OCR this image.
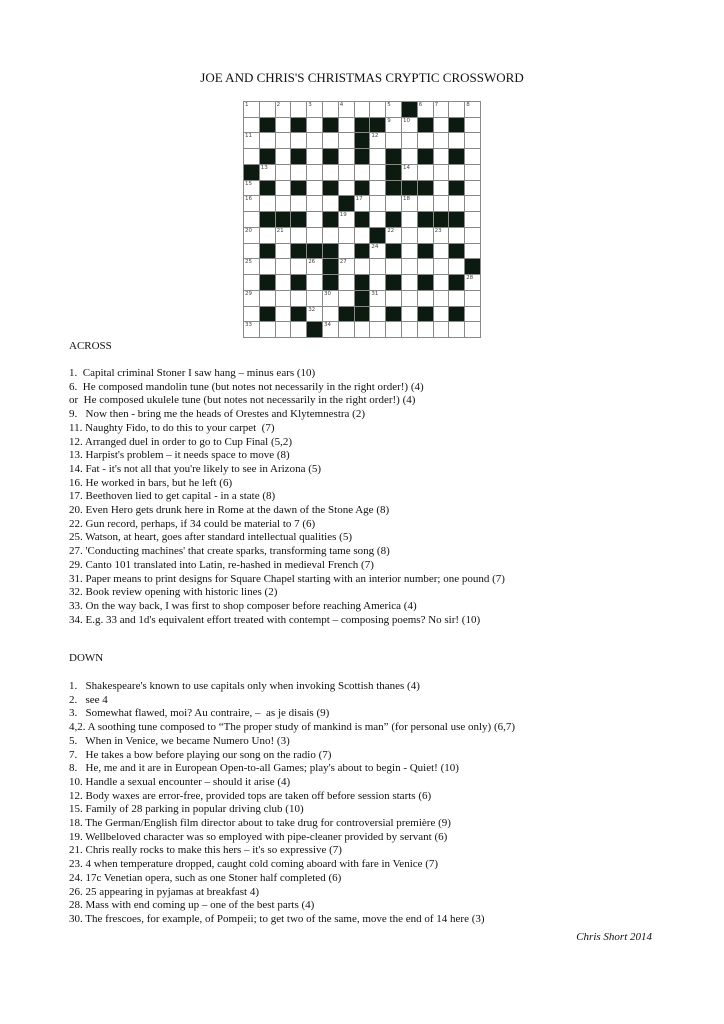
JOE AND CHRIS'S CHRISTMAS CRYPTIC CROSSWORD
1	2	3	4	5	6 7	8
9 10
11	12
13	14
15
16	17	18
19
20	21	22	23
24
25	26	27
28
29	30	31
32
33	34

ACROSS

1.  Capital criminal Stoner I saw hang – minus ears (10)

6.  He composed mandolin tune (but notes not necessarily in the right order!) (4)

or  He composed ukulele tune (but notes not necessarily in the right order!) (4)

9.   Now then - bring me the heads of Orestes and Klytemnestra (2)

11. Naughty Fido, to do this to your carpet  (7)

12. Arranged duel in order to go to Cup Final (5,2)

13. Harpist's problem – it needs space to move (8)

14. Fat - it's not all that you're likely to see in Arizona (5)

16. He worked in bars, but he left (6)

17. Beethoven lied to get capital - in a state (8)

20. Even Hero gets drunk here in Rome at the dawn of the Stone Age (8)

22. Gun record, perhaps, if 34 could be material to 7 (6)

25. Watson, at heart, goes after standard intellectual qualities (5)

27. 'Conducting machines' that create sparks, transforming tame song (8)

29. Canto 101 translated into Latin, re-hashed in medieval French (7)

31. Paper means to print designs for Square Chapel starting with an interior number; one pound (7)

32. Book review opening with historic lines (2)

33. On the way back, I was first to shop composer before reaching America (4)

34. E.g. 33 and 1d's equivalent effort treated with contempt – composing poems? No sir! (10)

DOWN

1.   Shakespeare's known to use capitals only when invoking Scottish thanes (4)

2.   see 4

3.   Somewhat flawed, moi? Au contraire, –  as je disais (9)

4,2. A soothing tune composed to “The proper study of mankind is man” (for personal use only) (6,7)

5.   When in Venice, we became Numero Uno! (3)

7.   He takes a bow before playing our song on the radio (7)

8.   He, me and it are in European Open-to-all Games; play's about to begin - Quiet! (10)

10. Handle a sexual encounter – should it arise (4)

12. Body waxes are error-free, provided tops are taken off before session starts (6)

15. Family of 28 parking in popular driving club (10)

18. The German/English film director about to take drug for controversial première (9)

19. Wellbeloved character was so employed with pipe-cleaner provided by servant (6)

21. Chris really rocks to make this hers – it's so expressive (7)

23. 4 when temperature dropped, caught cold coming aboard with fare in Venice (7)

24. 17c Venetian opera, such as one Stoner half completed (6)

26. 25 appearing in pyjamas at breakfast 4)

28. Mass with end coming up – one of the best parts (4)

30. The frescoes, for example, of Pompeii; to get two of the same, move the end of 14 here (3)

Chris Short 2014
